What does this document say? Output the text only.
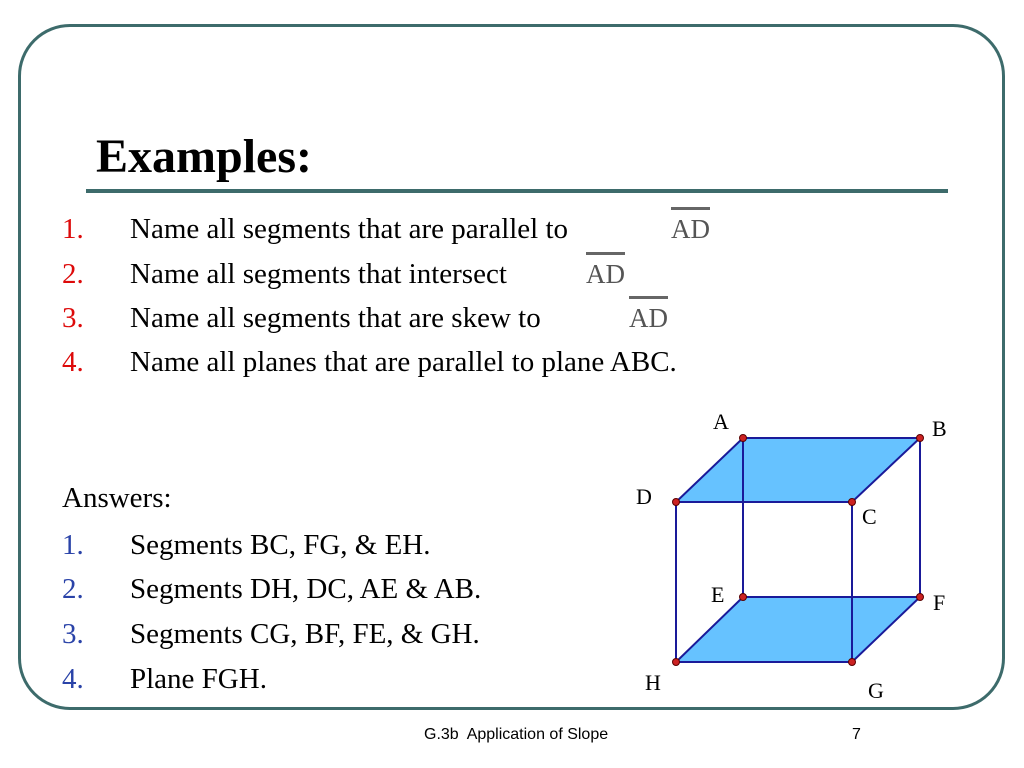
Examples:
1. Name all segments that are parallel to	AD
2. Name all segments that intersect	AD
3. Name all segments that are skew to	AD
4. Name all planes that are parallel to plane ABC.
Answers:
1. Segments BC, FG, & EH.
2. Segments DH, DC, AE & AB.
3. Segments CG, BF, FE, & GH.
4. Plane FGH.
A	B
C
D
E	F
G
H
G.3b  Application of Slope	7
